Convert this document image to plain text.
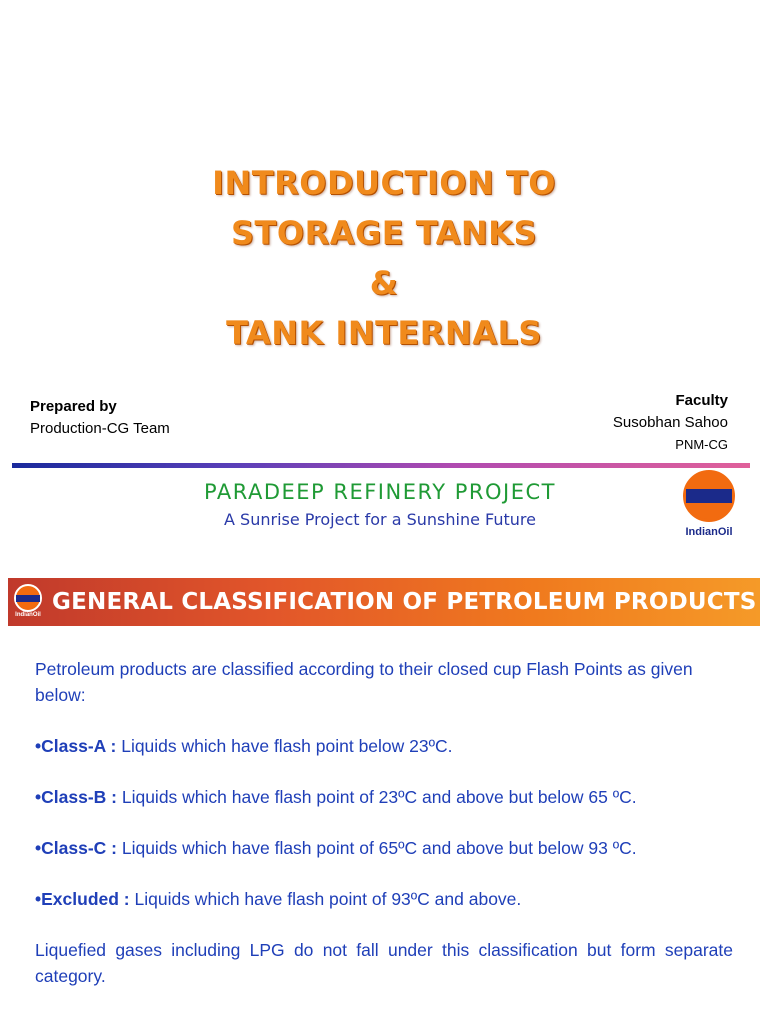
INTRODUCTION TO
STORAGE TANKS
&
TANK INTERNALS
Prepared by
Production-CG Team
Faculty
Susobhan Sahoo
PNM-CG
PARADEEP REFINERY PROJECT
A Sunrise Project for a Sunshine Future
IndianOil
IndianOil GENERAL CLASSIFICATION OF PETROLEUM PRODUCTS

Petroleum products are classified according to their closed cup Flash Points as given below:

•Class-A : Liquids which have flash point below 23ºC.

•Class-B : Liquids which have flash point of 23ºC and above but below 65 ºC.

•Class-C : Liquids which have flash point of 65ºC and above but below 93 ºC.

•Excluded : Liquids which have flash point of 93ºC and above.

Liquefied gases including LPG do not fall under this classification but form separate category.
